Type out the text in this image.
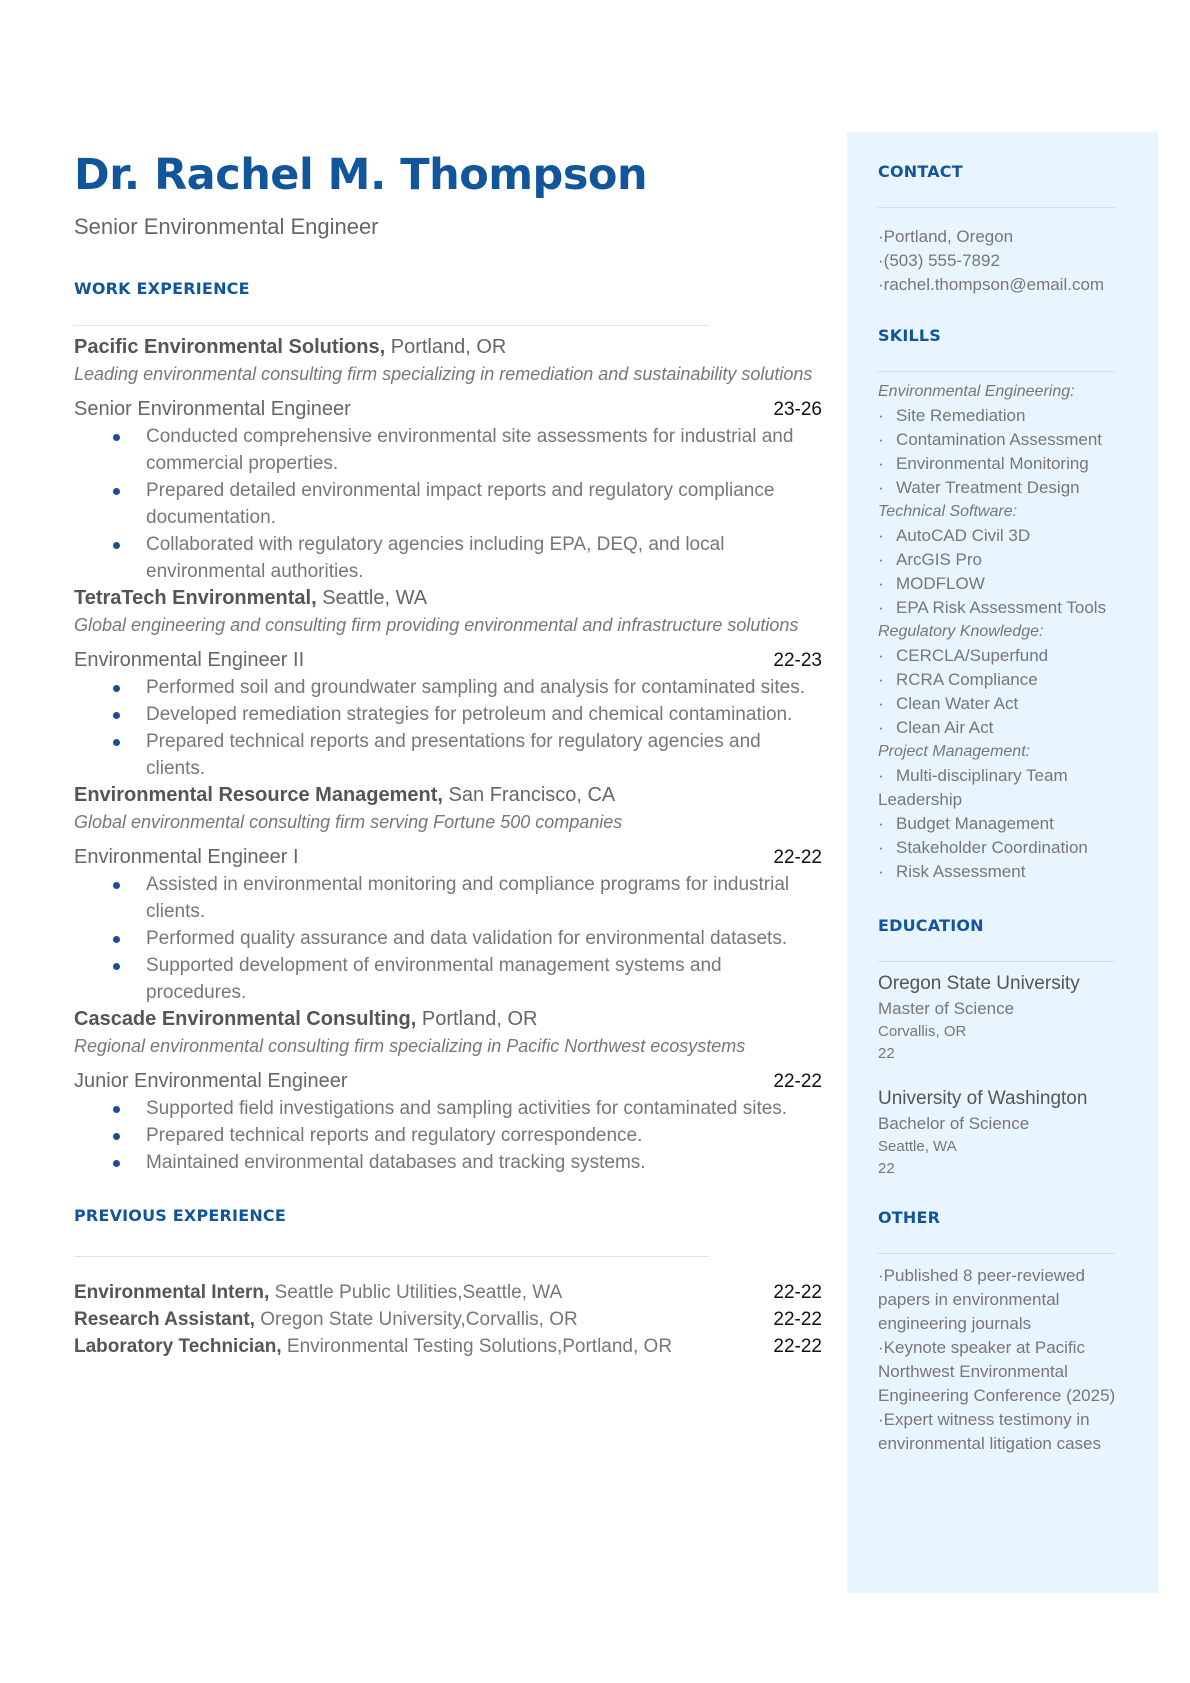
Dr. Rachel M. Thompson
Senior Environmental Engineer
WORK EXPERIENCE
Pacific Environmental Solutions, Portland, OR
Leading environmental consulting firm specializing in remediation and sustainability solutions
Senior Environmental Engineer	23-26
Conducted comprehensive environmental site assessments for industrial and commercial properties.
Prepared detailed environmental impact reports and regulatory compliance documentation.
Collaborated with regulatory agencies including EPA, DEQ, and local environmental authorities.
TetraTech Environmental, Seattle, WA
Global engineering and consulting firm providing environmental and infrastructure solutions
Environmental Engineer II	22-23
Performed soil and groundwater sampling and analysis for contaminated sites.
Developed remediation strategies for petroleum and chemical contamination.
Prepared technical reports and presentations for regulatory agencies and clients.
Environmental Resource Management, San Francisco, CA
Global environmental consulting firm serving Fortune 500 companies
Environmental Engineer I	22-22
Assisted in environmental monitoring and compliance programs for industrial clients.
Performed quality assurance and data validation for environmental datasets.
Supported development of environmental management systems and procedures.
Cascade Environmental Consulting, Portland, OR
Regional environmental consulting firm specializing in Pacific Northwest ecosystems
Junior Environmental Engineer	22-22
Supported field investigations and sampling activities for contaminated sites.
Prepared technical reports and regulatory correspondence.
Maintained environmental databases and tracking systems.
PREVIOUS EXPERIENCE
Environmental Intern, Seattle Public Utilities,Seattle, WA	22-22
Research Assistant, Oregon State University,Corvallis, OR	22-22
Laboratory Technician, Environmental Testing Solutions,Portland, OR	22-22
CONTACT
· Portland, Oregon
· (503) 555-7892
· rachel.thompson@email.com
SKILLS
Environmental Engineering:
· Site Remediation
· Contamination Assessment
· Environmental Monitoring
· Water Treatment Design
Technical Software:
· AutoCAD Civil 3D
· ArcGIS Pro
· MODFLOW
· EPA Risk Assessment Tools
Regulatory Knowledge:
· CERCLA/Superfund
· RCRA Compliance
· Clean Water Act
· Clean Air Act
Project Management:
· Multi-disciplinary Team Leadership
· Budget Management
· Stakeholder Coordination
· Risk Assessment
EDUCATION
Oregon State University
Master of Science
Corvallis, OR
22
University of Washington
Bachelor of Science
Seattle, WA
22
OTHER
· Published 8 peer-reviewed papers in environmental engineering journals
· Keynote speaker at Pacific Northwest Environmental Engineering Conference (2025)
· Expert witness testimony in environmental litigation cases
